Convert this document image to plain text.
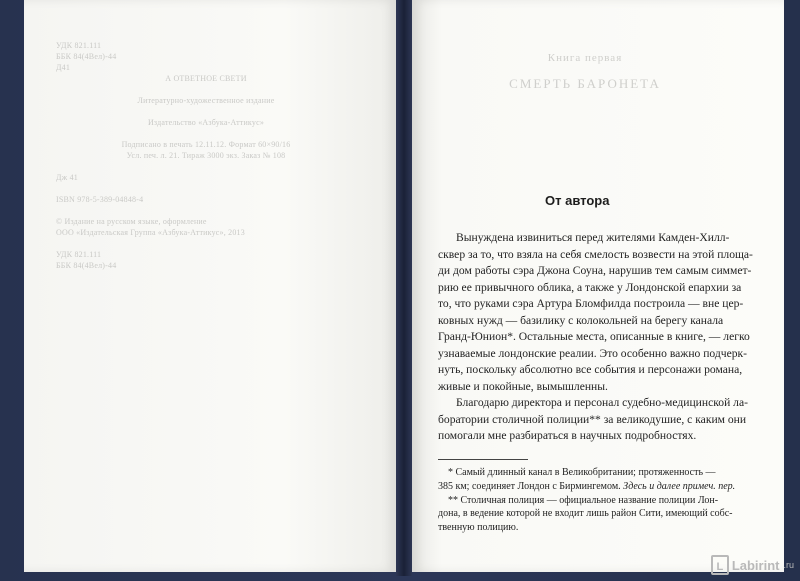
УДК 821.111
ББК 84(4Вел)-44
Д41
А ОТВЕТНОЕ СВЕТИ
Литературно-художественное издание
Издательство «Азбука-Аттикус»
Подписано в печать 12.11.12. Формат 60×90/16
Усл. печ. л. 21. Тираж 3000 экз. Заказ № 108
Дж 41
ISBN 978-5-389-04848-4
© Издание на русском языке, оформление
ООО «Издательская Группа «Азбука-Аттикус», 2013
УДК 821.111
ББК 84(4Вел)-44
Книга первая
СМЕРТЬ БАРОНЕТА
От автора
Вынуждена извиниться перед жителями Камден-Хилл-
сквер за то, что взяла на себя смелость возвести на этой площа-
ди дом работы сэра Джона Соуна, нарушив тем самым симмет-
рию ее привычного облика, а также у Лондонской епархии за
то, что руками сэра Артура Бломфилда построила — вне цер-
ковных нужд — базилику с колокольней на берегу канала
Гранд-Юнион*. Остальные места, описанные в книге, — легко
узнаваемые лондонские реалии. Это особенно важно подчерк-
нуть, поскольку абсолютно все события и персонажи романа,
живые и покойные, вымышленны.
Благодарю директора и персонал судебно-медицинской ла-
боратории столичной полиции** за великодушие, с каким они
помогали мне разбираться в научных подробностях.
* Самый длинный канал в Великобритании; протяженность —
385 км; соединяет Лондон с Бирмингемом. Здесь и далее примеч. пер.
** Столичная полиция — официальное название полиции Лон-
дона, в ведение которой не входит лишь район Сити, имеющий собс-
твенную полицию.
L Labirint .ru
